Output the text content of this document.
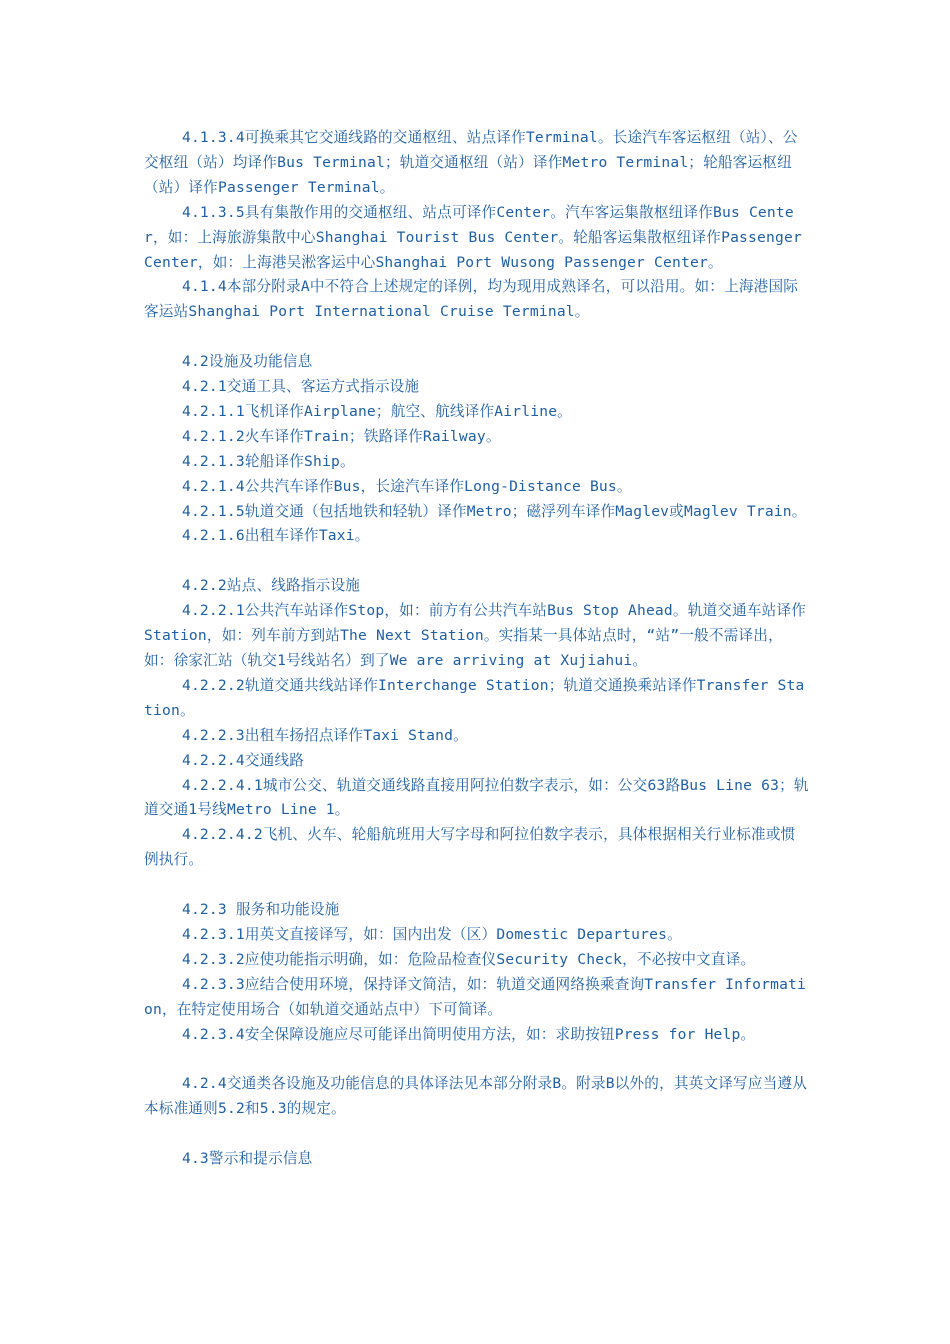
4.1.3.4可换乘其它交通线路的交通枢纽、站点译作Terminal。长途汽车客运枢纽（站）、公交枢纽（站）均译作Bus Terminal；轨道交通枢纽（站）译作Metro Terminal；轮船客运枢纽（站）译作Passenger Terminal。

4.1.3.5具有集散作用的交通枢纽、站点可译作Center。汽车客运集散枢纽译作Bus Center，如：上海旅游集散中心Shanghai Tourist Bus Center。轮船客运集散枢纽译作Passenger Center，如：上海港吴淞客运中心Shanghai Port Wusong Passenger Center。

4.1.4本部分附录A中不符合上述规定的译例，均为现用成熟译名，可以沿用。如：上海港国际客运站Shanghai Port International Cruise Terminal。

4.2设施及功能信息

4.2.1交通工具、客运方式指示设施

4.2.1.1飞机译作Airplane；航空、航线译作Airline。

4.2.1.2火车译作Train；铁路译作Railway。

4.2.1.3轮船译作Ship。

4.2.1.4公共汽车译作Bus，长途汽车译作Long-Distance Bus。

4.2.1.5轨道交通（包括地铁和轻轨）译作Metro；磁浮列车译作Maglev或Maglev Train。

4.2.1.6出租车译作Taxi。

4.2.2站点、线路指示设施

4.2.2.1公共汽车站译作Stop，如：前方有公共汽车站Bus Stop Ahead。轨道交通车站译作Station，如：列车前方到站The Next Station。实指某一具体站点时，“站”一般不需译出，如：徐家汇站（轨交1号线站名）到了We are arriving at Xujiahui。

4.2.2.2轨道交通共线站译作Interchange Station；轨道交通换乘站译作Transfer Station。

4.2.2.3出租车扬招点译作Taxi Stand。

4.2.2.4交通线路

4.2.2.4.1城市公交、轨道交通线路直接用阿拉伯数字表示，如：公交63路Bus Line 63；轨道交通1号线Metro Line 1。

4.2.2.4.2飞机、火车、轮船航班用大写字母和阿拉伯数字表示，具体根据相关行业标准或惯例执行。

4.2.3 服务和功能设施

4.2.3.1用英文直接译写，如：国内出发（区）Domestic Departures。

4.2.3.2应使功能指示明确，如：危险品检查仪Security Check，不必按中文直译。

4.2.3.3应结合使用环境，保持译文简洁，如：轨道交通网络换乘查询Transfer Information，在特定使用场合（如轨道交通站点中）下可简译。

4.2.3.4安全保障设施应尽可能译出简明使用方法，如：求助按钮Press for Help。

4.2.4交通类各设施及功能信息的具体译法见本部分附录B。附录B以外的，其英文译写应当遵从本标准通则5.2和5.3的规定。

4.3警示和提示信息
